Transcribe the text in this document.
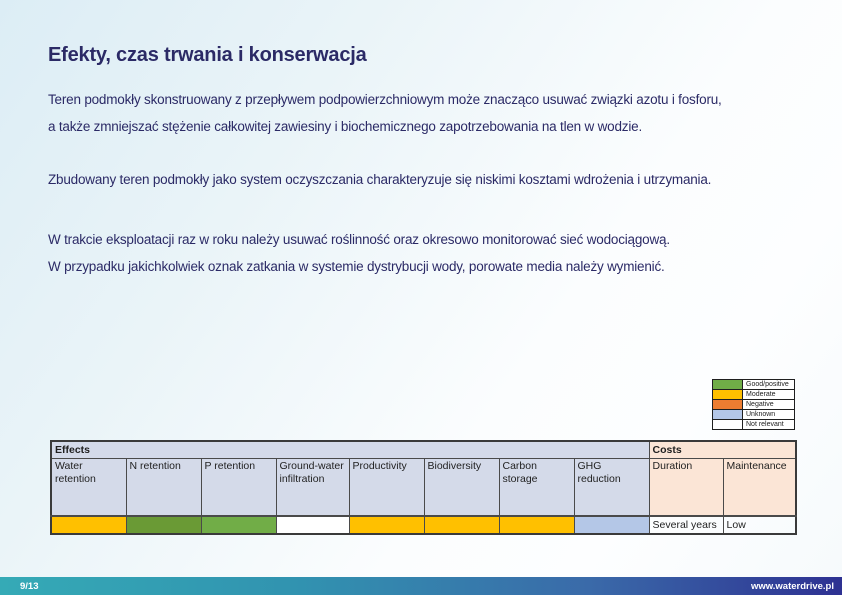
Efekty, czas trwania i konserwacja
Teren podmokły skonstruowany z przepływem podpowierzchniowym może znacząco usuwać związki azotu i fosforu,
a także zmniejszać stężenie całkowitej zawiesiny i biochemicznego zapotrzebowania na tlen w wodzie.
Zbudowany teren podmokły jako system oczyszczania charakteryzuje się niskimi kosztami wdrożenia i utrzymania.
W trakcie eksploatacji raz w roku należy usuwać roślinność oraz okresowo monitorować sieć wodociągową.
W przypadku jakichkolwiek oznak zatkania w systemie dystrybucji wody, porowate media należy wymienić.
	Good/positive
	Moderate
	Negative
	Unknown
	Not relevant
Effects								Costs	
Water retention	N retention	P retention	Ground-water infiltration	Productivity	Biodiversity	Carbon storage	GHG reduction	Duration	Maintenance
								Several years	Low
9/13	www.waterdrive.pl
